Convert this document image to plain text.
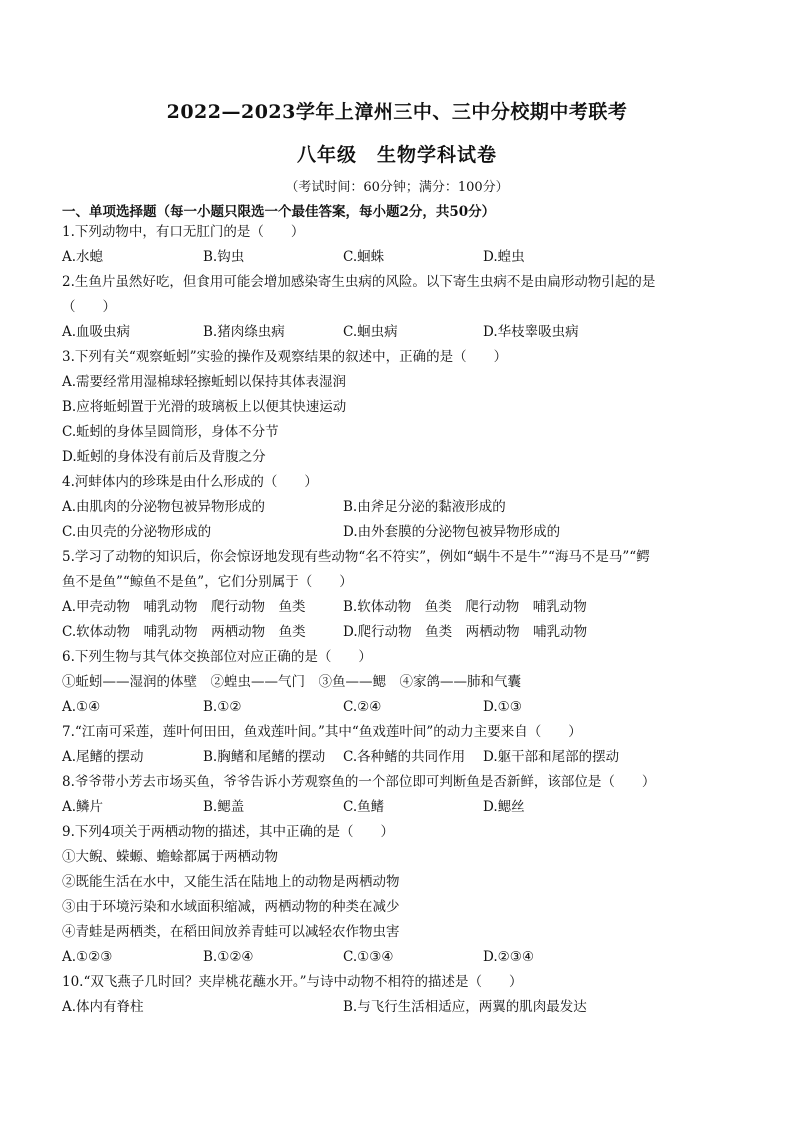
2022—2023学年上漳州三中、三中分校期中考联考
八年级　生物学科试卷
（考试时间：60分钟；满分：100分）
一、单项选择题（每一小题只限选一个最佳答案，每小题2分，共50分）
1.下列动物中，有口无肛门的是（　　）
A.水螅	B.钩虫	C.蛔蛛	D.蝗虫
2.生鱼片虽然好吃，但食用可能会增加感染寄生虫病的风险。以下寄生虫病不是由扁形动物引起的是
（　　）
A.血吸虫病	B.猪肉绦虫病	C.蛔虫病	D.华枝睾吸虫病
3.下列有关“观察蚯蚓”实验的操作及观察结果的叙述中，正确的是（　　）
A.需要经常用湿棉球轻擦蚯蚓以保持其体表湿润
B.应将蚯蚓置于光滑的玻璃板上以便其快速运动
C.蚯蚓的身体呈圆筒形，身体不分节
D.蚯蚓的身体没有前后及背腹之分
4.河蚌体内的珍珠是由什么形成的（　　）
A.由肌肉的分泌物包被异物形成的	B.由斧足分泌的黏液形成的
C.由贝壳的分泌物形成的	D.由外套膜的分泌物包被异物形成的
5.学习了动物的知识后，你会惊讶地发现有些动物“名不符实”，例如“蜗牛不是牛”“海马不是马”“鳄
鱼不是鱼”“鲸鱼不是鱼”，它们分别属于（　　）
A.甲壳动物　哺乳动物　爬行动物　鱼类	B.软体动物　鱼类　爬行动物　哺乳动物
C.软体动物　哺乳动物　两栖动物　鱼类	D.爬行动物　鱼类　两栖动物　哺乳动物
6.下列生物与其气体交换部位对应正确的是（　　）
①蚯蚓——湿润的体壁　②蝗虫——气门　③鱼——鳃　④家鸽——肺和气囊
A.①④	B.①②	C.②④	D.①③
7.“江南可采莲，莲叶何田田，鱼戏莲叶间。”其中“鱼戏莲叶间”的动力主要来自（　　）
A.尾鳍的摆动	B.胸鳍和尾鳍的摆动 C.各种鳍的共同作用 D.躯干部和尾部的摆动
8.爷爷带小芳去市场买鱼，爷爷告诉小芳观察鱼的一个部位即可判断鱼是否新鲜，该部位是（　　）
A.鳞片	B.鳃盖	C.鱼鳍	D.鳃丝
9.下列4项关于两栖动物的描述，其中正确的是（　　）
①大鲵、蝾螈、蟾蜍都属于两栖动物
②既能生活在水中，又能生活在陆地上的动物是两栖动物
③由于环境污染和水域面积缩减，两栖动物的种类在减少
④青蛙是两栖类，在稻田间放养青蛙可以减轻农作物虫害
A.①②③	B.①②④	C.①③④	D.②③④
10.“双飞燕子几时回？夹岸桃花蘸水开。”与诗中动物不相符的描述是（　　）
A.体内有脊柱	B.与飞行生活相适应，两翼的肌肉最发达
